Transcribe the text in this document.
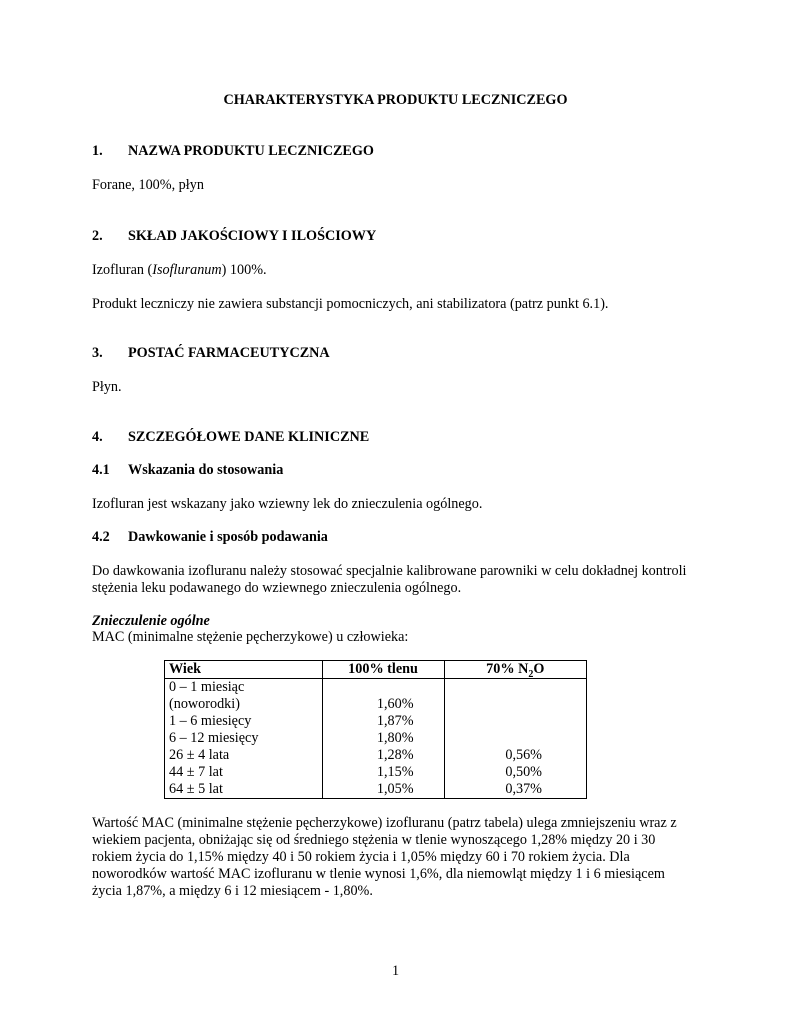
CHARAKTERYSTYKA PRODUKTU LECZNICZEGO
1. NAZWA PRODUKTU LECZNICZEGO
Forane, 100%, płyn
2. SKŁAD JAKOŚCIOWY I ILOŚCIOWY
Izofluran (Isofluranum) 100%.
Produkt leczniczy nie zawiera substancji pomocniczych, ani stabilizatora (patrz punkt 6.1).
3. POSTAĆ FARMACEUTYCZNA
Płyn.
4. SZCZEGÓŁOWE DANE KLINICZNE
4.1 Wskazania do stosowania
Izofluran jest wskazany jako wziewny lek do znieczulenia ogólnego.
4.2 Dawkowanie i sposób podawania
Do dawkowania izofluranu należy stosować specjalnie kalibrowane parowniki w celu dokładnej kontroli
stężenia leku podawanego do wziewnego znieczulenia ogólnego.
Znieczulenie ogólne
MAC (minimalne stężenie pęcherzykowe) u człowieka:
Wiek	100% tlenu	70% $N_2O$
0 – 1 miesiąc		
(noworodki)	1,60%	
1 – 6 miesięcy	1,87%	
6 – 12 miesięcy	1,80%	
26 ± 4 lata	1,28%	0,56%
44 ± 7 lat	1,15%	0,50%
64 ± 5 lat	1,05%	0,37%
Wartość MAC (minimalne stężenie pęcherzykowe) izofluranu (patrz tabela) ulega zmniejszeniu wraz z
wiekiem pacjenta, obniżając się od średniego stężenia w tlenie wynoszącego 1,28% między 20 i 30
rokiem życia do 1,15% między 40 i 50 rokiem życia i 1,05% między 60 i 70 rokiem życia. Dla
noworodków wartość MAC izofluranu w tlenie wynosi 1,6%, dla niemowląt między 1 i 6 miesiącem
życia 1,87%, a między 6 i 12 miesiącem - 1,80%.
1
